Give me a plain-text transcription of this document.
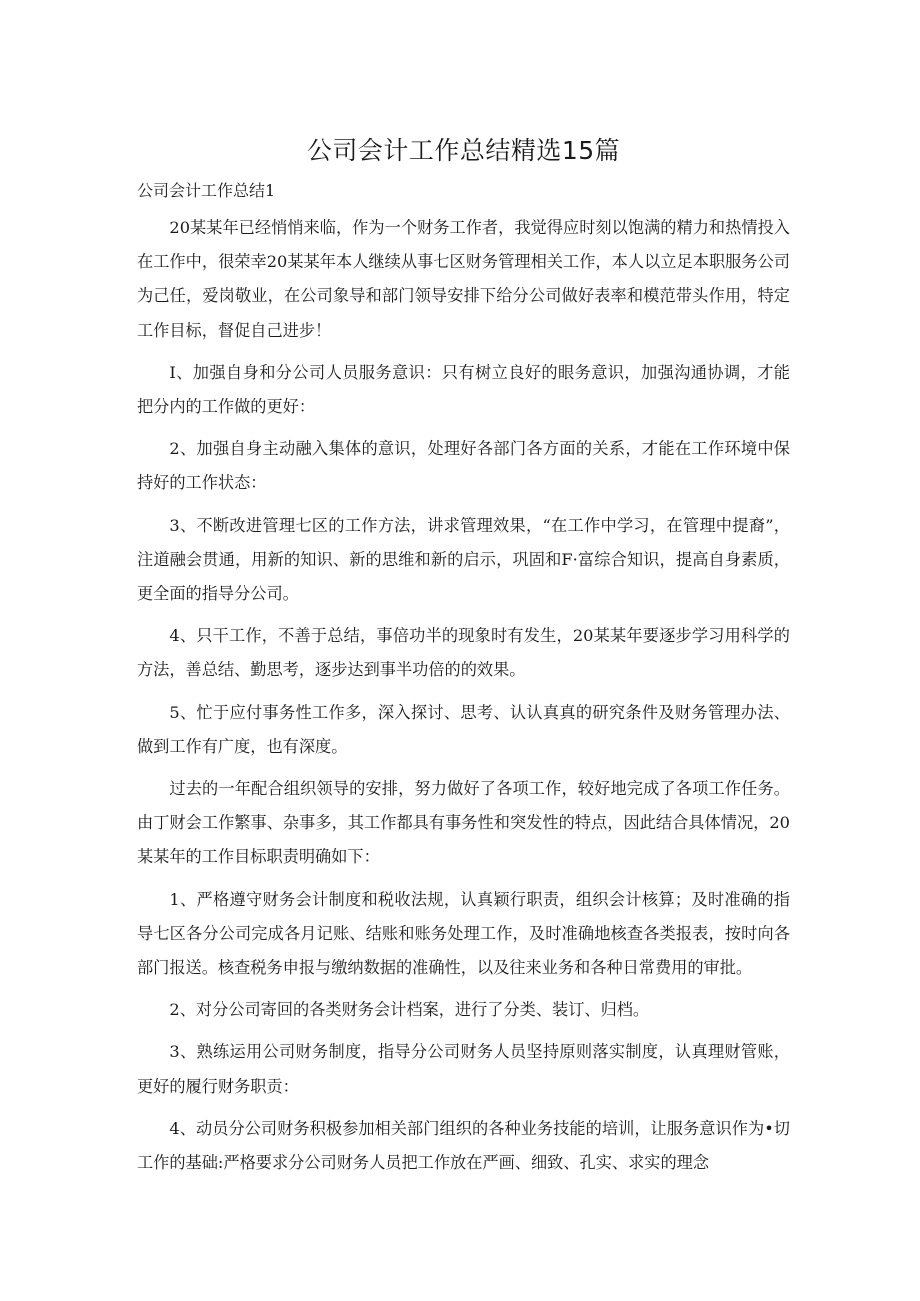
公司会计工作总结精选15篇
公司会计工作总结1

20某某年已经悄悄来临，作为一个财务工作者，我觉得应时刻以饱满的精力和热情投入在工作中，很荣幸20某某年本人继续从事七区财务管理相关工作，本人以立足本职服务公司为己任，爱岗敬业，在公司象导和部门领导安排下给分公司做好表率和模范带头作用，特定工作目标，督促自己进步！

I、加强自身和分公司人员服务意识：只有树立良好的眼务意识，加强沟通协调，才能把分内的工作做的更好：

2、加强自身主动融入集体的意识，处理好各部门各方面的关系，才能在工作环境中保持好的工作状态：

3、不断改进管理七区的工作方法，讲求管理效果，“在工作中学习，在管理中提裔”，注道融会贯通，用新的知识、新的思维和新的启示，巩固和F·富综合知识，提高自身素质，更全面的指导分公司。

4、只干工作，不善于总结，事倍功半的现象时有发生，20某某年要逐步学习用科学的方法，善总结、勤思考，逐步达到事半功倍的的效果。

5、忙于应付事务性工作多，深入探讨、思考、认认真真的研究条件及财务管理办法、做到工作有广度，也有深度。

过去的一年配合组织领导的安排，努力做好了各项工作，较好地完成了各项工作任务。由丁财会工作繁事、杂事多，其工作都具有事务性和突发性的特点，因此结合具体情况，20某某年的工作目标职责明确如下：

1、严格遵守财务会计制度和税收法规，认真颖行职责，组织会计核算；及时准确的指导七区各分公司完成各月记账、结账和账务处理工作，及时准确地核查各类报表，按时向各部门报送。核查税务申报与缴纳数据的准确性，以及往来业务和各种日常费用的审批。

2、对分公司寄回的各类财务会计档案，进行了分类、装订、归档。

3、熟练运用公司财务制度，指导分公司财务人员坚持原则落实制度，认真理财管账，更好的履行财务职贡：

4、动员分公司财务积极参加相关部门组织的各种业务技能的培训，让服务意识作为•切工作的基础:严格要求分公司财务人员把工作放在严画、细致、孔实、求实的理念
